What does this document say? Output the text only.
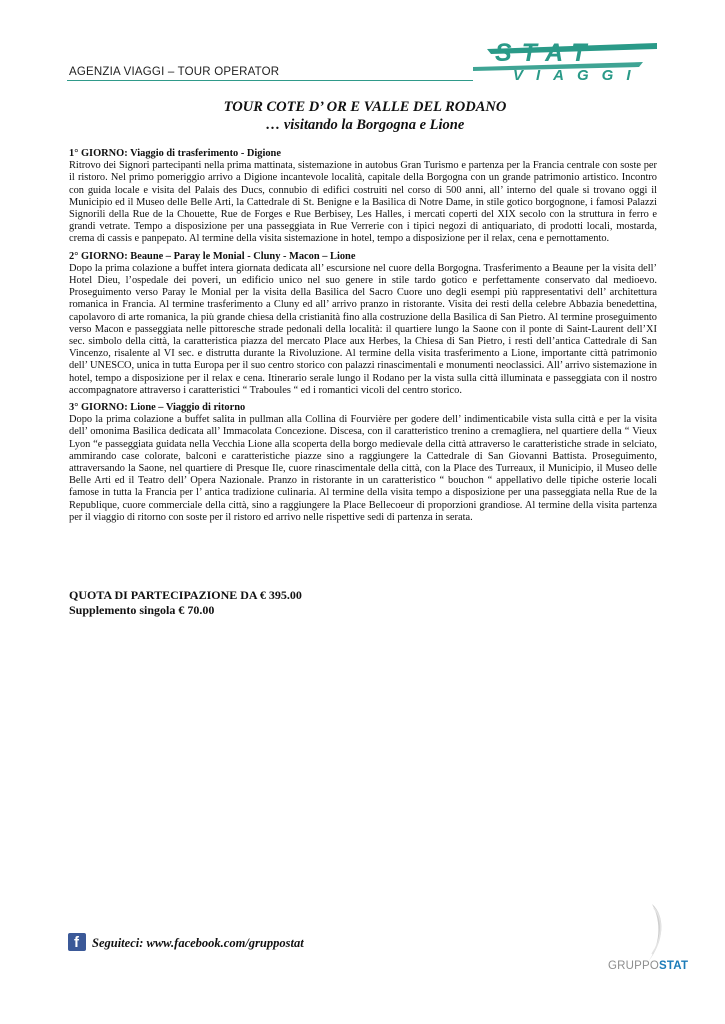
AGENZIA VIAGGI – TOUR OPERATOR
STAT
VIAGGI
TOUR COTE D’ OR E VALLE DEL RODANO
… visitando la Borgogna e Lione
1° GIORNO: Viaggio di trasferimento - Digione

Ritrovo dei Signori partecipanti nella prima mattinata, sistemazione in autobus Gran Turismo e partenza per la Francia centrale con soste per il ristoro. Nel primo pomeriggio arrivo a Digione incantevole località, capitale della Borgogna con un grande patrimonio artistico. Incontro con guida locale e visita del Palais des Ducs, connubio di edifici costruiti nel corso di 500 anni, all’ interno del quale si trovano oggi il Municipio ed il Museo delle Belle Arti, la Cattedrale di St. Benigne e la Basilica di Notre Dame, in stile gotico borgognone, i famosi Palazzi Signorili della Rue de la Chouette, Rue de Forges e Rue Berbisey, Les Halles, i mercati coperti del XIX secolo con la struttura in ferro e grandi vetrate. Tempo a disposizione per una passeggiata in Rue Verrerie con i tipici negozi di antiquariato, di prodotti locali, mostarda, crema di cassis e panpepato. Al termine della visita sistemazione in hotel, tempo a disposizione per il relax, cena e pernottamento.

2° GIORNO: Beaune – Paray le Monial - Cluny - Macon – Lione

Dopo la prima colazione a buffet intera giornata dedicata all’ escursione nel cuore della Borgogna. Trasferimento a Beaune per la visita dell’ Hotel Dieu, l’ospedale dei poveri, un edificio unico nel suo genere in stile tardo gotico e perfettamente conservato dal medioevo. Proseguimento verso Paray le Monial per la visita della Basilica del Sacro Cuore uno degli esempi più rappresentativi dell’ architettura romanica in Francia. Al termine trasferimento a Cluny ed all’ arrivo pranzo in ristorante. Visita dei resti della celebre Abbazia benedettina, capolavoro di arte romanica, la più grande chiesa della cristianità fino alla costruzione della Basilica di San Pietro. Al termine proseguimento verso Macon e passeggiata nelle pittoresche strade pedonali della località: il quartiere lungo la Saone con il ponte di Saint-Laurent dell’XI sec. simbolo della città, la caratteristica piazza del mercato Place aux Herbes, la Chiesa di San Pietro, i resti dell’antica Cattedrale di San Vincenzo, risalente al VI sec. e distrutta durante la Rivoluzione. Al termine della visita trasferimento a Lione, importante città patrimonio dell’ UNESCO, unica in tutta Europa per il suo centro storico con palazzi rinascimentali e monumenti neoclassici. All’ arrivo sistemazione in hotel, tempo a disposizione per il relax e cena. Itinerario serale lungo il Rodano per la vista sulla città illuminata e passeggiata con il nostro accompagnatore attraverso i caratteristici “ Traboules “ ed i romantici vicoli del centro storico.

3° GIORNO: Lione – Viaggio di ritorno

Dopo la prima colazione a buffet salita in pullman alla Collina di Fourvière per godere dell’ indimenticabile vista sulla città e per la visita dell’ omonima Basilica dedicata all’ Immacolata Concezione. Discesa, con il caratteristico trenino a cremagliera, nel quartiere della “ Vieux Lyon “e passeggiata guidata nella Vecchia Lione alla scoperta della borgo medievale della città attraverso le caratteristiche strade in selciato, ammirando case colorate, balconi e caratteristiche piazze sino a raggiungere la Cattedrale di San Giovanni Battista. Proseguimento, attraversando la Saone, nel quartiere di Presque Ile, cuore rinascimentale della città, con la Place des Turreaux, il Municipio, il Museo delle Belle Arti ed il Teatro dell’ Opera Nazionale. Pranzo in ristorante in un caratteristico “ bouchon “ appellativo delle tipiche osterie locali famose in tutta la Francia per l’ antica tradizione culinaria. Al termine della visita tempo a disposizione per una passeggiata nella Rue de la Republique, cuore commerciale della città, sino a raggiungere la Place Bellecoeur di proporzioni grandiose. Al termine della visita partenza per il viaggio di ritorno con soste per il ristoro ed arrivo nelle rispettive sedi di partenza in serata.

QUOTA DI PARTECIPAZIONE DA € 395.00
Supplemento singola € 70.00
f Seguiteci: www.facebook.com/gruppostat
GRUPPOSTAT
